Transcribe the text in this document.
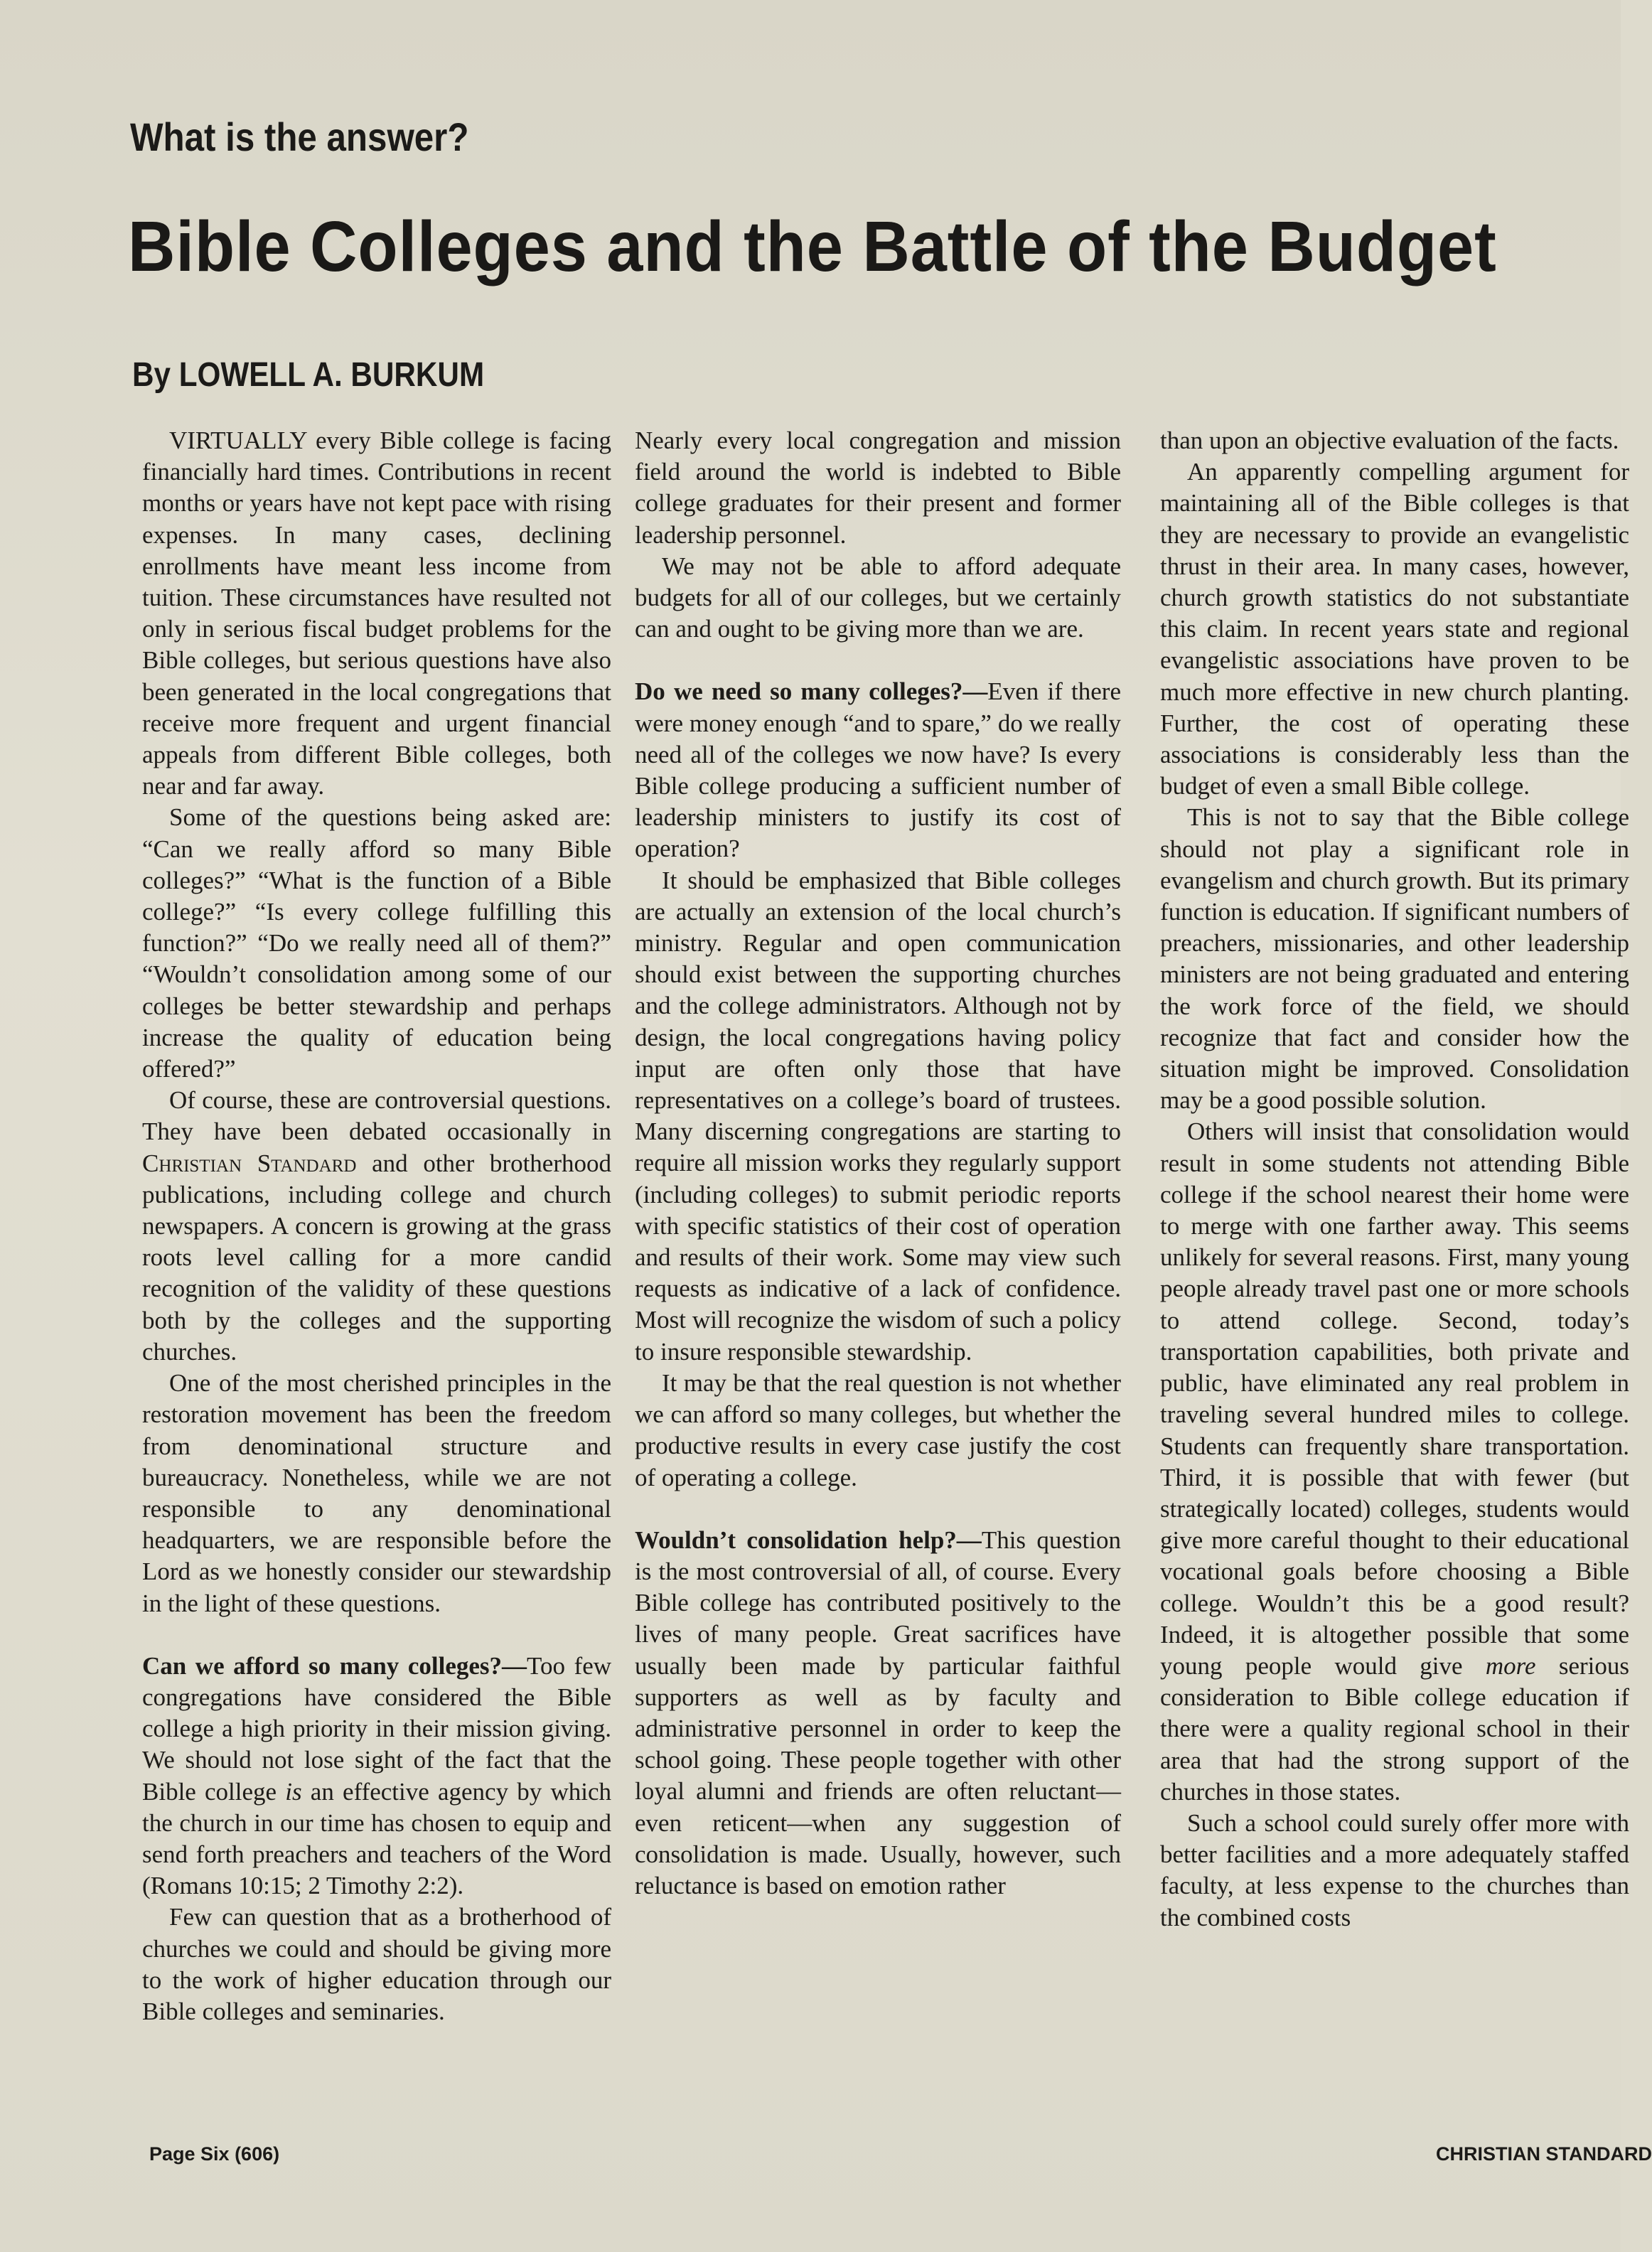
What is the answer?
Bible Colleges and the Battle of the Budget
By LOWELL A. BURKUM

VIRTUALLY every Bible college is facing financially hard times. Contributions in recent months or years have not kept pace with rising expenses. In many cases, declining enrollments have meant less income from tuition. These circumstances have resulted not only in serious fiscal budget problems for the Bible colleges, but serious questions have also been generated in the local congregations that receive more frequent and urgent financial appeals from different Bible colleges, both near and far away.

Some of the questions being asked are: “Can we really afford so many Bible colleges?” “What is the function of a Bible college?” “Is every college fulfilling this function?” “Do we really need all of them?” “Wouldn’t consolidation among some of our colleges be better stewardship and perhaps increase the quality of education being offered?”

Of course, these are controversial questions. They have been debated occasionally in Christian Standard and other brotherhood publications, including college and church newspapers. A concern is growing at the grass roots level calling for a more candid recognition of the validity of these questions both by the colleges and the supporting churches.

One of the most cherished principles in the restoration movement has been the freedom from denominational structure and bureaucracy. Nonetheless, while we are not responsible to any denominational headquarters, we are responsible before the Lord as we honestly consider our stewardship in the light of these questions.

Can we afford so many colleges?—Too few congregations have considered the Bible college a high priority in their mission giving. We should not lose sight of the fact that the Bible college is an effective agency by which the church in our time has chosen to equip and send forth preachers and teachers of the Word (Romans 10:15; 2 Timothy 2:2).

Few can question that as a brotherhood of churches we could and should be giving more to the work of higher education through our Bible colleges and seminaries.

Nearly every local congregation and mission field around the world is indebted to Bible college graduates for their present and former leadership personnel.

We may not be able to afford adequate budgets for all of our colleges, but we certainly can and ought to be giving more than we are.

Do we need so many colleges?—Even if there were money enough “and to spare,” do we really need all of the colleges we now have? Is every Bible college producing a sufficient number of leadership ministers to justify its cost of operation?

It should be emphasized that Bible colleges are actually an extension of the local church’s ministry. Regular and open communication should exist between the supporting churches and the college administrators. Although not by design, the local congregations having policy input are often only those that have representatives on a college’s board of trustees. Many discerning congregations are starting to require all mission works they regularly support (including colleges) to submit periodic reports with specific statistics of their cost of operation and results of their work. Some may view such requests as indicative of a lack of confidence. Most will recognize the wisdom of such a policy to insure responsible stewardship.

It may be that the real question is not whether we can afford so many colleges, but whether the productive results in every case justify the cost of operating a college.

Wouldn’t consolidation help?—This question is the most controversial of all, of course. Every Bible college has contributed positively to the lives of many people. Great sacrifices have usually been made by particular faithful supporters as well as by faculty and administrative personnel in order to keep the school going. These people together with other loyal alumni and friends are often reluctant—even reticent—when any suggestion of consolidation is made. Usually, however, such reluctance is based on emotion rather

than upon an objective evaluation of the facts.

An apparently compelling argument for maintaining all of the Bible colleges is that they are necessary to provide an evangelistic thrust in their area. In many cases, however, church growth statistics do not substantiate this claim. In recent years state and regional evangelistic associations have proven to be much more effective in new church planting. Further, the cost of operating these associations is considerably less than the budget of even a small Bible college.

This is not to say that the Bible college should not play a significant role in evangelism and church growth. But its primary function is education. If significant numbers of preachers, missionaries, and other leadership ministers are not being graduated and entering the work force of the field, we should recognize that fact and consider how the situation might be improved. Consolidation may be a good possible solution.

Others will insist that consolidation would result in some students not attending Bible college if the school nearest their home were to merge with one farther away. This seems unlikely for several reasons. First, many young people already travel past one or more schools to attend college. Second, today’s transportation capabilities, both private and public, have eliminated any real problem in traveling several hundred miles to college. Students can frequently share transportation. Third, it is possible that with fewer (but strategically located) colleges, students would give more careful thought to their educational vocational goals before choosing a Bible college. Wouldn’t this be a good result? Indeed, it is altogether possible that some young people would give more serious consideration to Bible college education if there were a quality regional school in their area that had the strong support of the churches in those states.

Such a school could surely offer more with better facilities and a more adequately staffed faculty, at less expense to the churches than the combined costs

Page Six (606)	CHRISTIAN STANDARD
